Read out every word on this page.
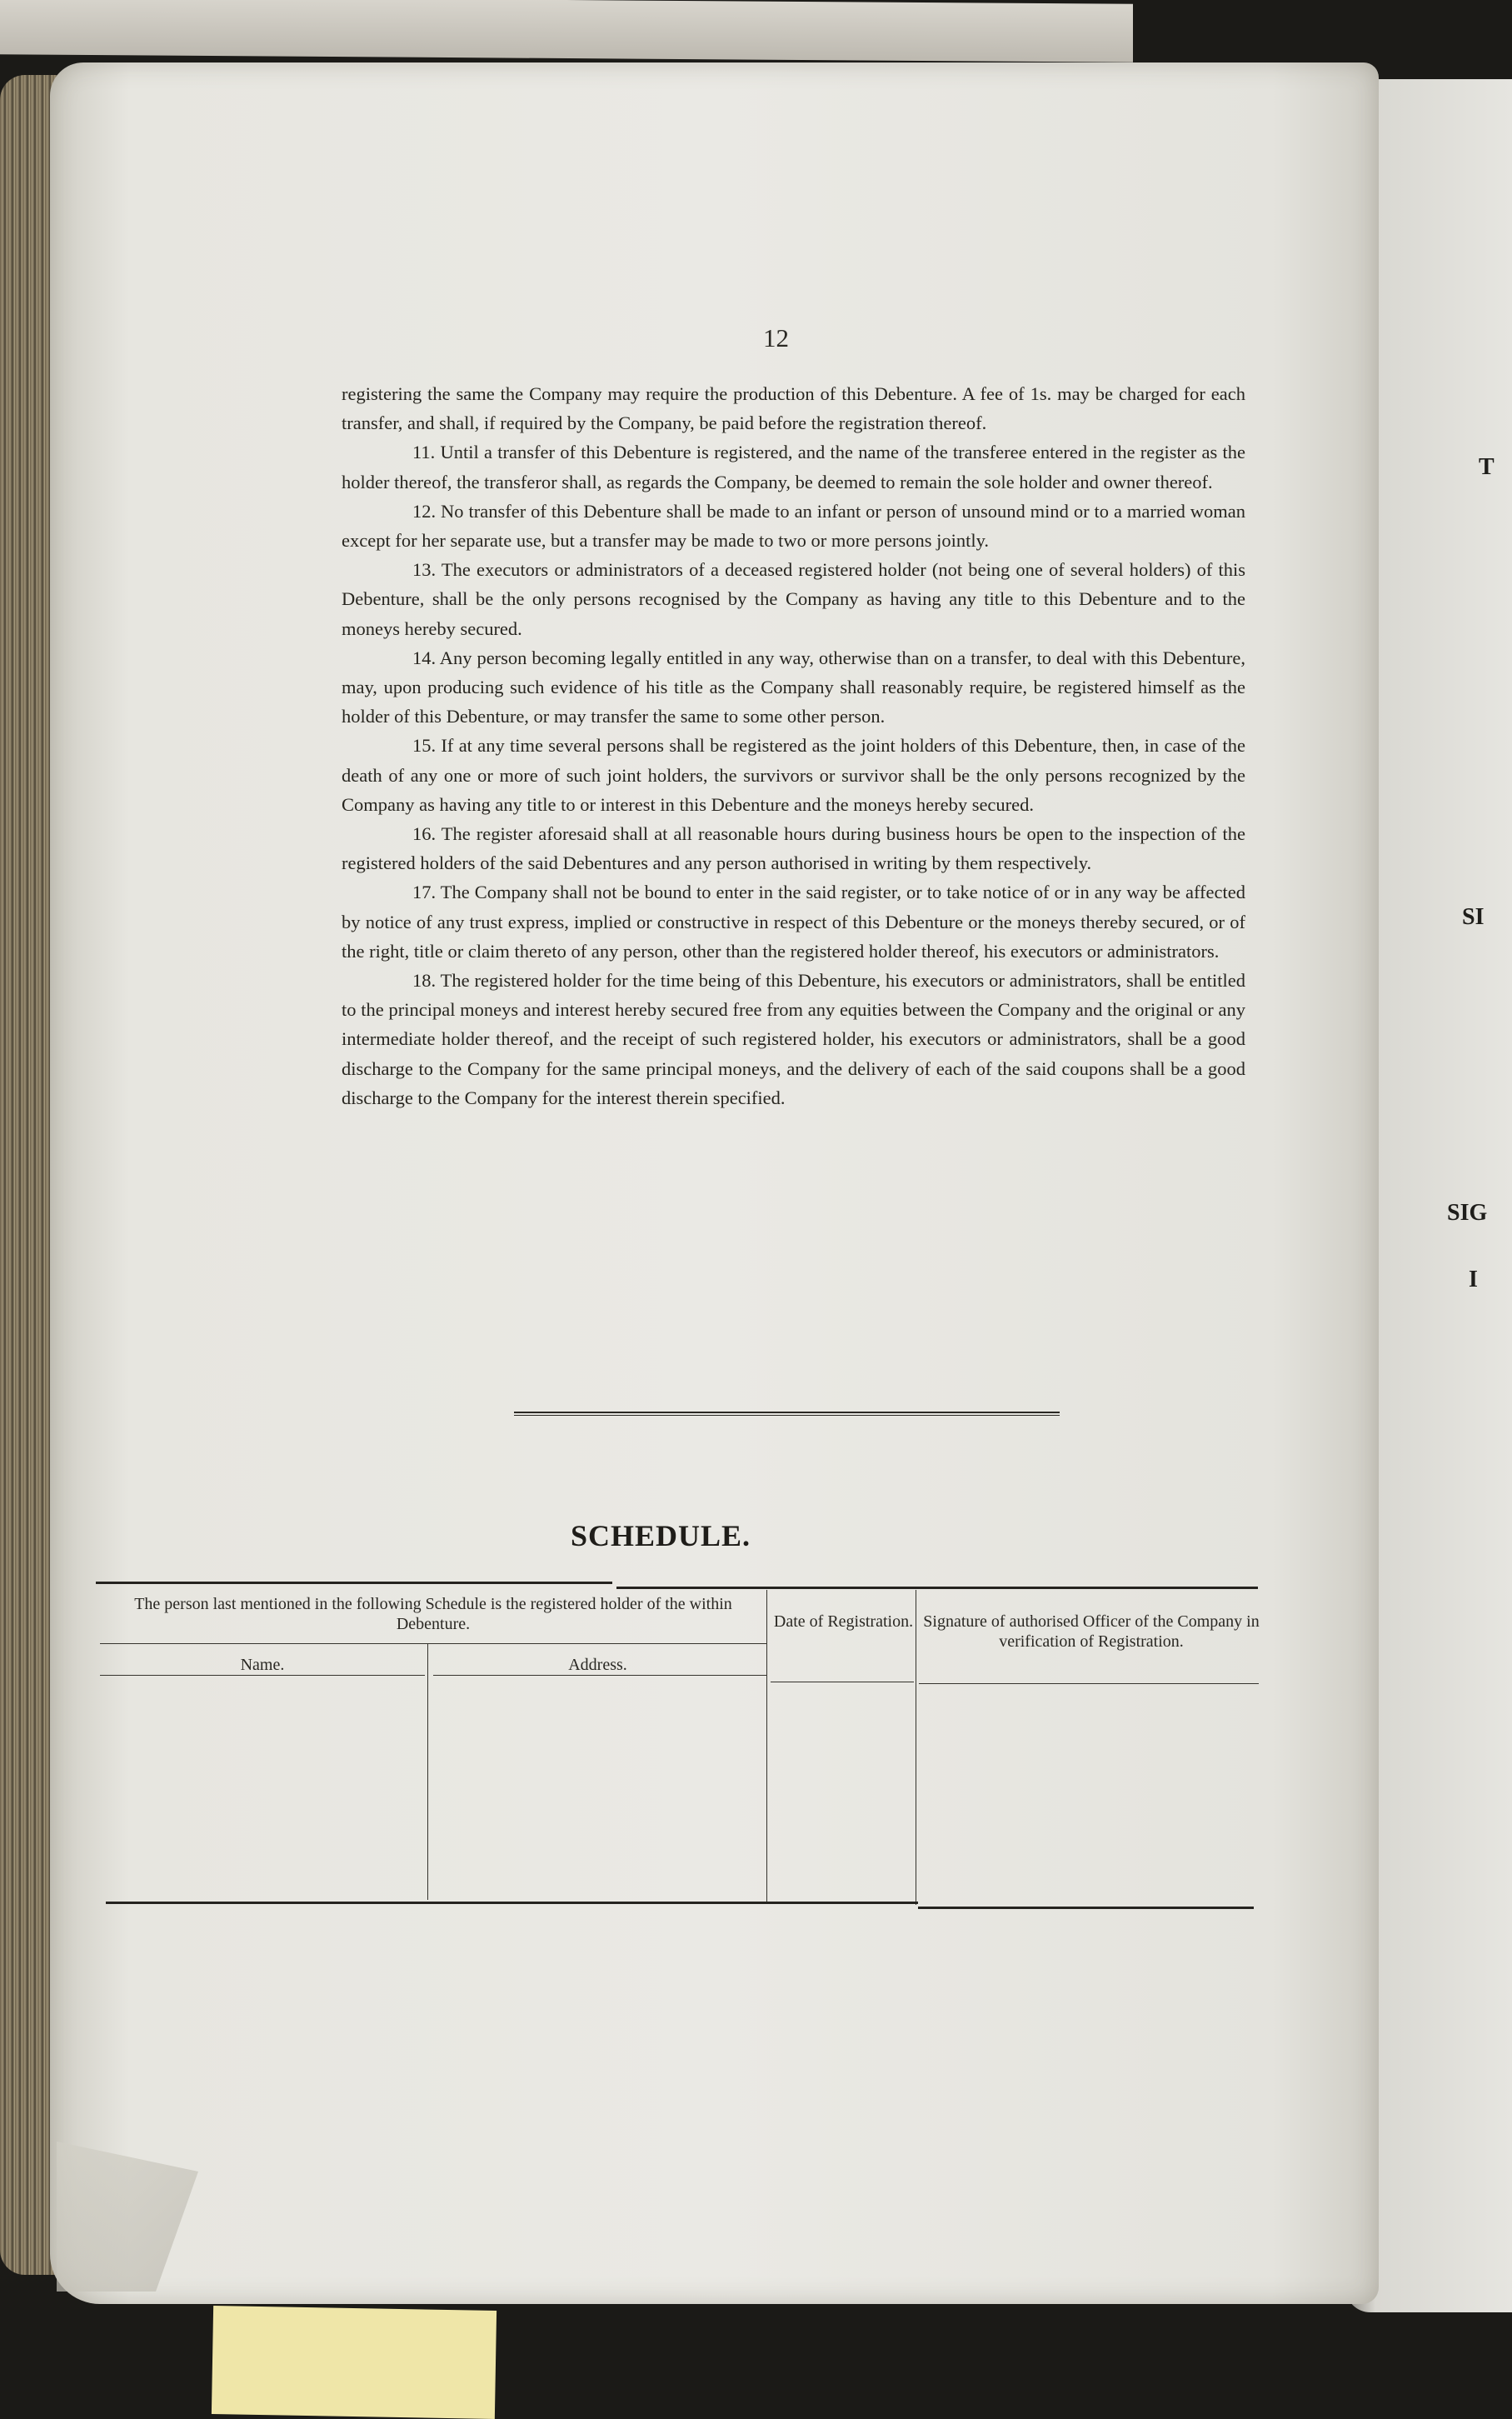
T
SI
SIG
I
12

registering the same the Company may require the production of this Debenture. A fee of 1s. may be charged for each transfer, and shall, if required by the Company, be paid before the registration thereof.

11. Until a transfer of this Debenture is registered, and the name of the transferee entered in the register as the holder thereof, the transferor shall, as regards the Company, be deemed to remain the sole holder and owner thereof.

12. No transfer of this Debenture shall be made to an infant or person of unsound mind or to a married woman except for her separate use, but a transfer may be made to two or more persons jointly.

13. The executors or administrators of a deceased registered holder (not being one of several holders) of this Debenture, shall be the only persons recognised by the Company as having any title to this Debenture and to the moneys hereby secured.

14. Any person becoming legally entitled in any way, otherwise than on a transfer, to deal with this Debenture, may, upon producing such evidence of his title as the Company shall reasonably require, be registered himself as the holder of this Debenture, or may transfer the same to some other person.

15. If at any time several persons shall be registered as the joint holders of this Debenture, then, in case of the death of any one or more of such joint holders, the survivors or survivor shall be the only persons recognized by the Company as having any title to or interest in this Debenture and the moneys hereby secured.

16. The register aforesaid shall at all reasonable hours during business hours be open to the inspection of the registered holders of the said Debentures and any person authorised in writing by them respectively.

17. The Company shall not be bound to enter in the said register, or to take notice of or in any way be affected by notice of any trust express, implied or constructive in respect of this Debenture or the moneys thereby secured, or of the right, title or claim thereto of any person, other than the registered holder thereof, his executors or administrators.

18. The registered holder for the time being of this Debenture, his executors or administrators, shall be entitled to the principal moneys and interest hereby secured free from any equities between the Company and the original or any intermediate holder thereof, and the receipt of such registered holder, his executors or administrators, shall be a good discharge to the Company for the same principal moneys, and the delivery of each of the said coupons shall be a good discharge to the Company for the interest therein specified.

SCHEDULE.
The person last mentioned in the following Schedule is the registered holder of the within Debenture.
Name.	Address.
Date of Registration. Signature of authorised Officer of the Company in verification of Registration.
